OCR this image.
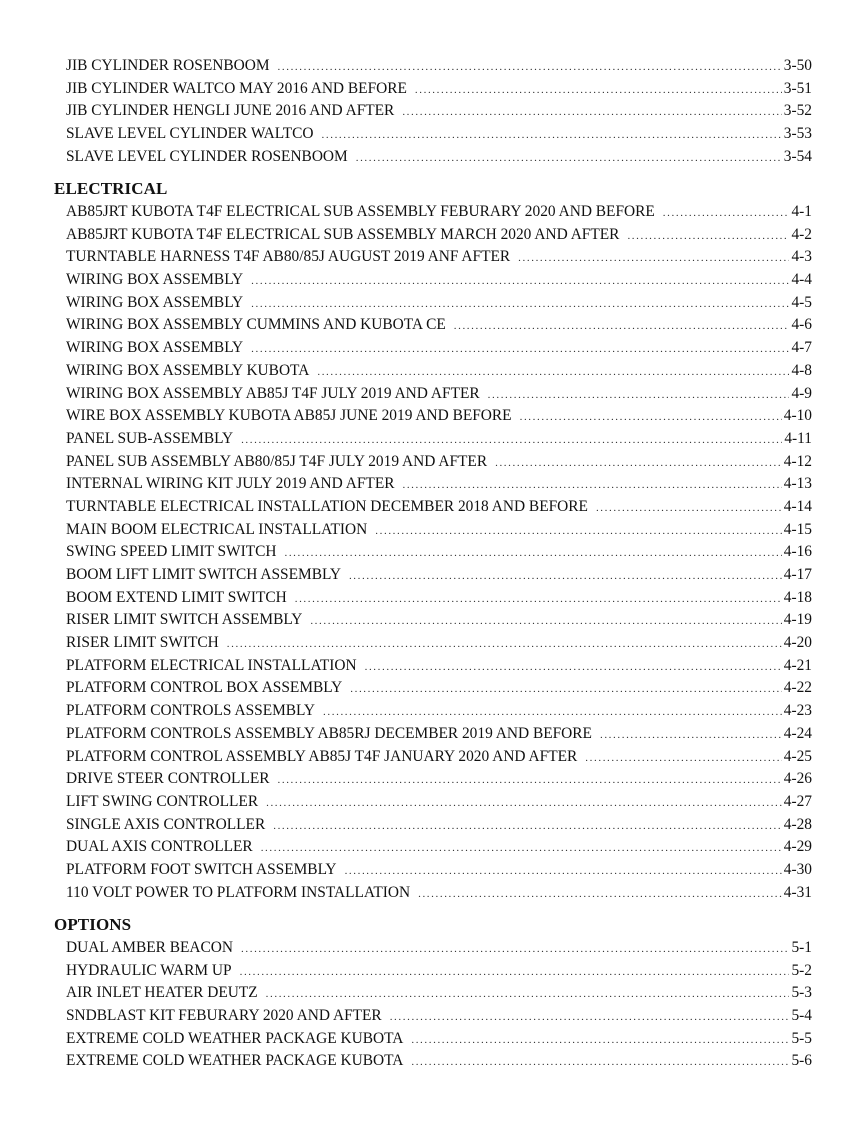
JIB CYLINDER ROSENBOOM .....	3-50
JIB CYLINDER WALTCO MAY 2016 AND BEFORE .....	3-51
JIB CYLINDER HENGLI JUNE 2016 AND AFTER .....	3-52
SLAVE LEVEL CYLINDER WALTCO .....	3-53
SLAVE LEVEL CYLINDER ROSENBOOM .....	3-54
ELECTRICAL
AB85JRT KUBOTA T4F ELECTRICAL SUB ASSEMBLY FEBURARY 2020 AND BEFORE .....	4-1
AB85JRT KUBOTA T4F ELECTRICAL SUB ASSEMBLY MARCH 2020 AND AFTER .....	4-2
TURNTABLE HARNESS T4F AB80/85J AUGUST 2019 ANF AFTER .....	4-3
WIRING BOX ASSEMBLY .....	4-4
WIRING BOX ASSEMBLY .....	4-5
WIRING BOX ASSEMBLY CUMMINS AND KUBOTA CE .....	4-6
WIRING BOX ASSEMBLY .....	4-7
WIRING BOX ASSEMBLY KUBOTA .....	4-8
WIRING BOX ASSEMBLY AB85J T4F JULY 2019 AND AFTER .....	4-9
WIRE BOX ASSEMBLY KUBOTA AB85J JUNE 2019 AND BEFORE .....	4-10
PANEL SUB-ASSEMBLY .....	4-11
PANEL SUB ASSEMBLY AB80/85J T4F JULY 2019 AND AFTER .....	4-12
INTERNAL WIRING KIT JULY 2019 AND AFTER .....	4-13
TURNTABLE ELECTRICAL INSTALLATION DECEMBER 2018 AND BEFORE .....	4-14
MAIN BOOM ELECTRICAL INSTALLATION .....	4-15
SWING SPEED LIMIT SWITCH .....	4-16
BOOM LIFT LIMIT SWITCH ASSEMBLY .....	4-17
BOOM EXTEND LIMIT SWITCH .....	4-18
RISER LIMIT SWITCH ASSEMBLY .....	4-19
RISER LIMIT SWITCH .....	4-20
PLATFORM ELECTRICAL INSTALLATION .....	4-21
PLATFORM CONTROL BOX ASSEMBLY .....	4-22
PLATFORM CONTROLS ASSEMBLY .....	4-23
PLATFORM CONTROLS ASSEMBLY AB85RJ DECEMBER 2019 AND BEFORE .....	4-24
PLATFORM CONTROL ASSEMBLY AB85J T4F JANUARY 2020 AND AFTER .....	4-25
DRIVE STEER CONTROLLER .....	4-26
LIFT SWING CONTROLLER .....	4-27
SINGLE AXIS CONTROLLER .....	4-28
DUAL AXIS CONTROLLER .....	4-29
PLATFORM FOOT SWITCH ASSEMBLY .....	4-30
110 VOLT POWER TO PLATFORM INSTALLATION .....	4-31
OPTIONS
DUAL AMBER BEACON .....	5-1
HYDRAULIC WARM UP .....	5-2
AIR INLET HEATER DEUTZ .....	5-3
SNDBLAST KIT FEBURARY 2020 AND AFTER .....	5-4
EXTREME COLD WEATHER PACKAGE KUBOTA .....	5-5
EXTREME COLD WEATHER PACKAGE KUBOTA .....	5-6
